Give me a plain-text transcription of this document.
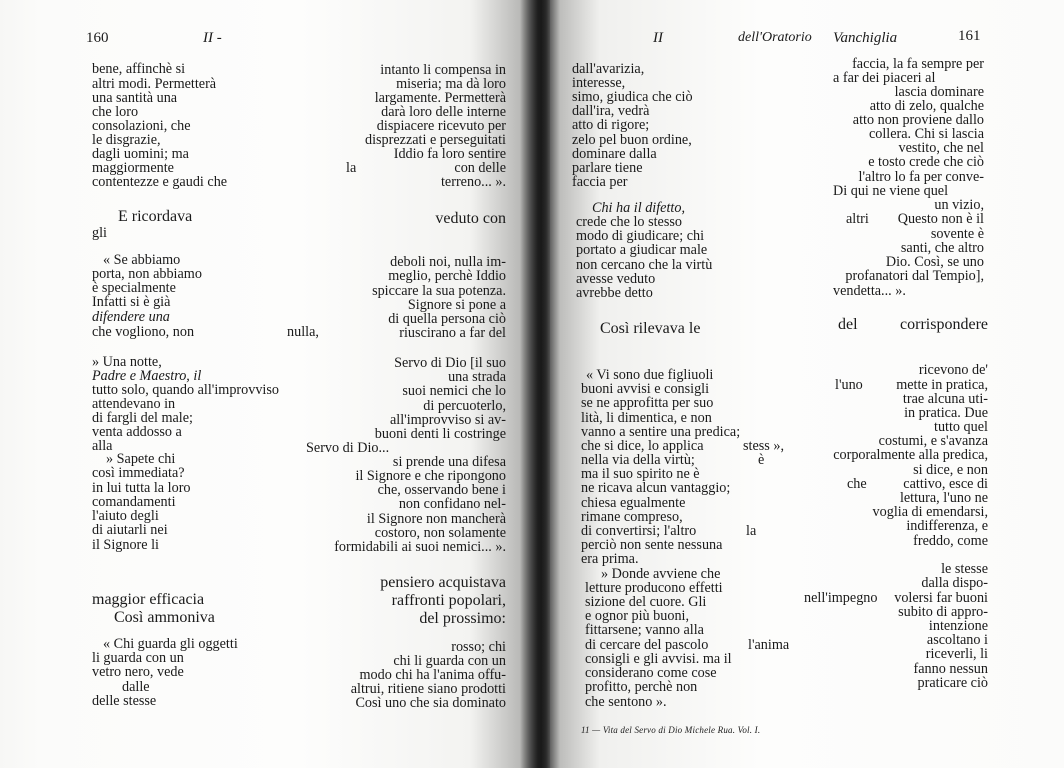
160	II -
bene, affinchè si
altri modi. Permetterà
una santità una
che loro
consolazioni, che
le disgrazie,
dagli uomini; ma
maggiormente
contentezze e gaudi che
E ricordava
gli
« Se abbiamo
porta, non abbiamo
è specialmente
Infatti si è già
difendere una
che vogliono, non	nulla,
» Una notte,
Padre e Maestro, il
tutto solo, quando all'improvviso
attendevano in
di fargli del male;
venta addosso a
alla
» Sapete chi
così immediata?
in lui tutta la loro
comandamenti
l'aiuto degli
di aiutarli nei
il Signore li
maggior efficacia
Così ammoniva
« Chi guarda gli oggetti
li guarda con un
vetro nero, vede
dalle
delle stesse
intanto li compensa in
miseria; ma dà loro
largamente. Permetterà
darà loro delle interne
dispiacere ricevuto per
disprezzati e perseguitati
Iddio fa loro sentire
la	con delle
terreno... ».
veduto con
deboli noi, nulla im-
meglio, perchè Iddio
spiccare la sua potenza.
Signore si pone a
di quella persona ciò
riuscirano a far del
Servo di Dio [il suo
una strada
suoi nemici che lo
di percuoterlo,
all'improvviso si av-
buoni denti li costringe
Servo di Dio...
si prende una difesa
il Signore e che ripongono
che, osservando bene i
non confidano nel-
il Signore non mancherà
costoro, non solamente
formidabili ai suoi nemici... ».
pensiero acquistava
raffronti popolari,
del prossimo:
rosso; chi
chi li guarda con un
modo chi ha l'anima offu-
altrui, ritiene siano prodotti
Così uno che sia dominato
II	dell'Oratorio Vanchiglia	161
dall'avarizia,
interesse,
simo, giudica che ciò
dall'ira, vedrà
atto di rigore;
zelo pel buon ordine,
dominare dalla
parlare tiene
faccia per
Chi ha il difetto,
crede che lo stesso
modo di giudicare; chi
portato a giudicar male
non cercano che la virtù
avesse veduto
avrebbe detto
Così rilevava le
« Vi sono due figliuoli
buoni avvisi e consigli
se ne approfitta per suo
lità, li dimentica, e non
vanno a sentire una predica;
che si dice, lo applica	stess »,
nella via della virtù;	è
ma il suo spirito ne è
ne ricava alcun vantaggio;
chiesa egualmente
rimane compreso,
di convertirsi; l'altro	la
perciò non sente nessuna
era prima.
» Donde avviene che
letture producono effetti
sizione del cuore. Gli
e ognor più buoni,
fittarsene; vanno alla
di cercare del pascolo	l'anima
consigli e gli avvisi. ma il
considerano come cose
profitto, perchè non
che sentono ».
faccia, la fa sempre per
a far dei piaceri al
lascia dominare
atto di zelo, qualche
atto non proviene dallo
collera. Chi si lascia
vestito, che nel
e tosto crede che ciò
l'altro lo fa per conve-
Di qui ne viene quel
un vizio,
altri Questo non è il
sovente è
santi, che altro
Dio. Così, se uno
profanatori dal Tempio],
vendetta... ».
del	corrispondere
ricevono de'
l'uno mette in pratica,
trae alcuna uti-
in pratica. Due
tutto quel
costumi, e s'avanza
corporalmente alla predica,
si dice, e non
che	cattivo, esce di
lettura, l'uno ne
voglia di emendarsi,
indifferenza, e
freddo, come
le stesse
dalla dispo-
nell'impegno volersi far buoni
subito di appro-
intenzione
ascoltano i
riceverli, li
fanno nessun
praticare ciò
11 — Vita del Servo di Dio Michele Rua. Vol. I.
